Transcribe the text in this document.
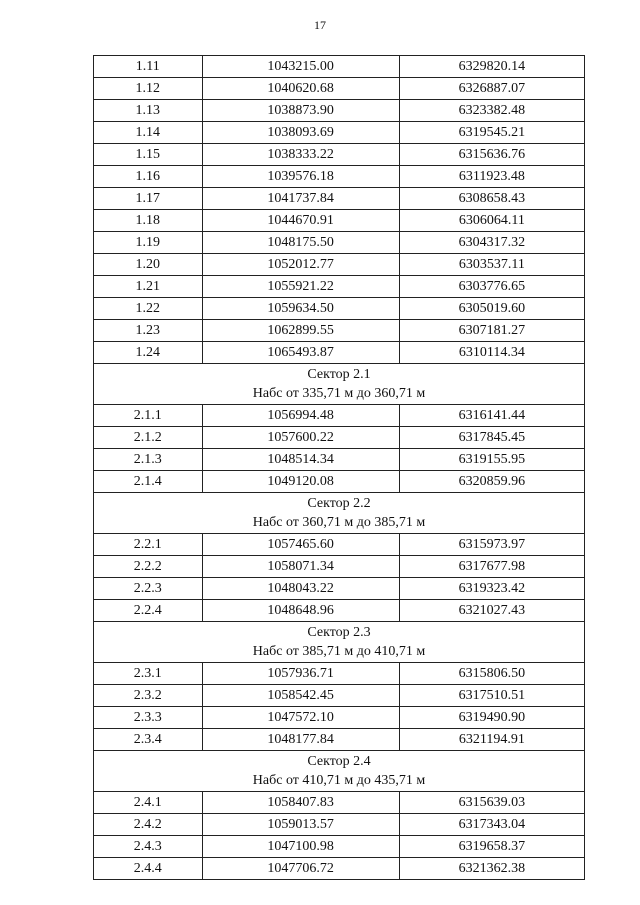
17
1.11	1043215.00	6329820.14
1.12	1040620.68	6326887.07
1.13	1038873.90	6323382.48
1.14	1038093.69	6319545.21
1.15	1038333.22	6315636.76
1.16	1039576.18	6311923.48
1.17	1041737.84	6308658.43
1.18	1044670.91	6306064.11
1.19	1048175.50	6304317.32
1.20	1052012.77	6303537.11
1.21	1055921.22	6303776.65
1.22	1059634.50	6305019.60
1.23	1062899.55	6307181.27
1.24	1065493.87	6310114.34

Сектор 2.1
Набс от 335,71 м до 360,71 м		

2.1.1	1056994.48	6316141.44
2.1.2	1057600.22	6317845.45
2.1.3	1048514.34	6319155.95
2.1.4	1049120.08	6320859.96

Сектор 2.2
Набс от 360,71 м до 385,71 м		

2.2.1	1057465.60	6315973.97
2.2.2	1058071.34	6317677.98
2.2.3	1048043.22	6319323.42
2.2.4	1048648.96	6321027.43

Сектор 2.3
Набс от 385,71 м до 410,71 м		

2.3.1	1057936.71	6315806.50
2.3.2	1058542.45	6317510.51
2.3.3	1047572.10	6319490.90
2.3.4	1048177.84	6321194.91

Сектор 2.4
Набс от 410,71 м до 435,71 м		

2.4.1	1058407.83	6315639.03
2.4.2	1059013.57	6317343.04
2.4.3	1047100.98	6319658.37
2.4.4	1047706.72	6321362.38
